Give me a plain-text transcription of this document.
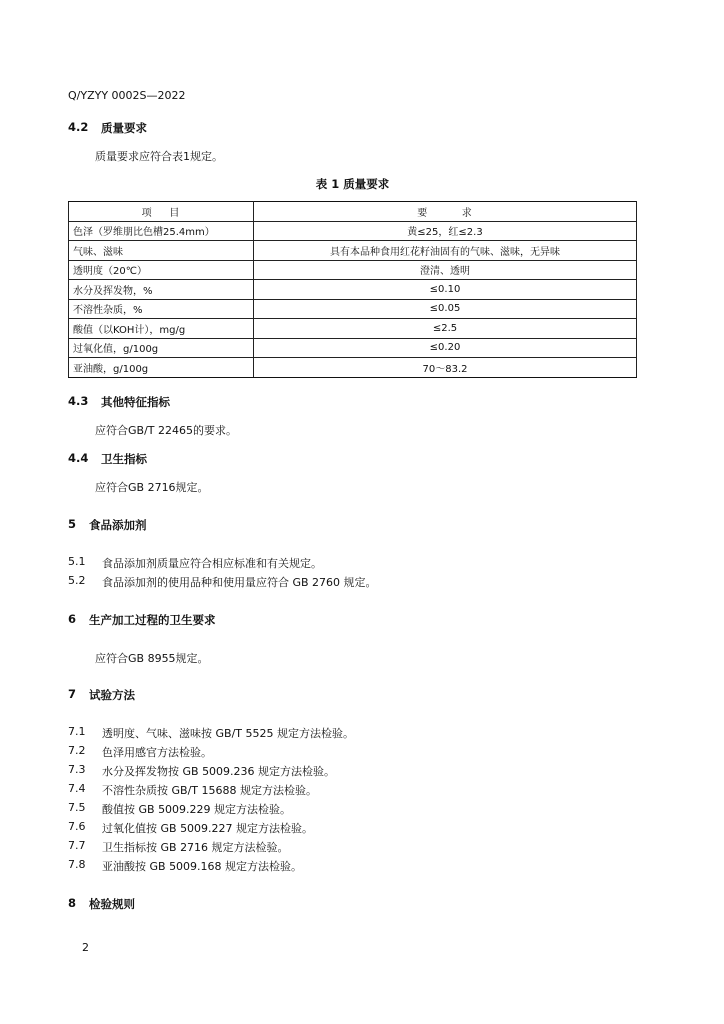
Q/YZYY 0002S—2022
4.2 质量要求
质量要求应符合表1规定。
表 1 质量要求
项    目	要        求
色泽（罗维朋比色槽25.4mm）	黄≤25，红≤2.3
气味、滋味	具有本品种食用红花籽油固有的气味、滋味，无异味
透明度（20℃）	澄清、透明
水分及挥发物，%	≤0.10
不溶性杂质，%	≤0.05
酸值（以KOH计），mg/g	≤2.5
过氧化值，g/100g	≤0.20
亚油酸，g/100g	70～83.2
4.3 其他特征指标
应符合GB/T 22465的要求。
4.4 卫生指标
应符合GB 2716规定。
5 食品添加剂
5.1 食品添加剂质量应符合相应标准和有关规定。
5.2 食品添加剂的使用品种和使用量应符合 GB 2760 规定。
6 生产加工过程的卫生要求
应符合GB 8955规定。
7 试验方法
7.1 透明度、气味、滋味按 GB/T 5525 规定方法检验。
7.2 色泽用感官方法检验。
7.3 水分及挥发物按 GB 5009.236 规定方法检验。
7.4 不溶性杂质按 GB/T 15688 规定方法检验。
7.5 酸值按 GB 5009.229 规定方法检验。
7.6 过氧化值按 GB 5009.227 规定方法检验。
7.7 卫生指标按 GB 2716 规定方法检验。
7.8 亚油酸按 GB 5009.168 规定方法检验。
8 检验规则
2
